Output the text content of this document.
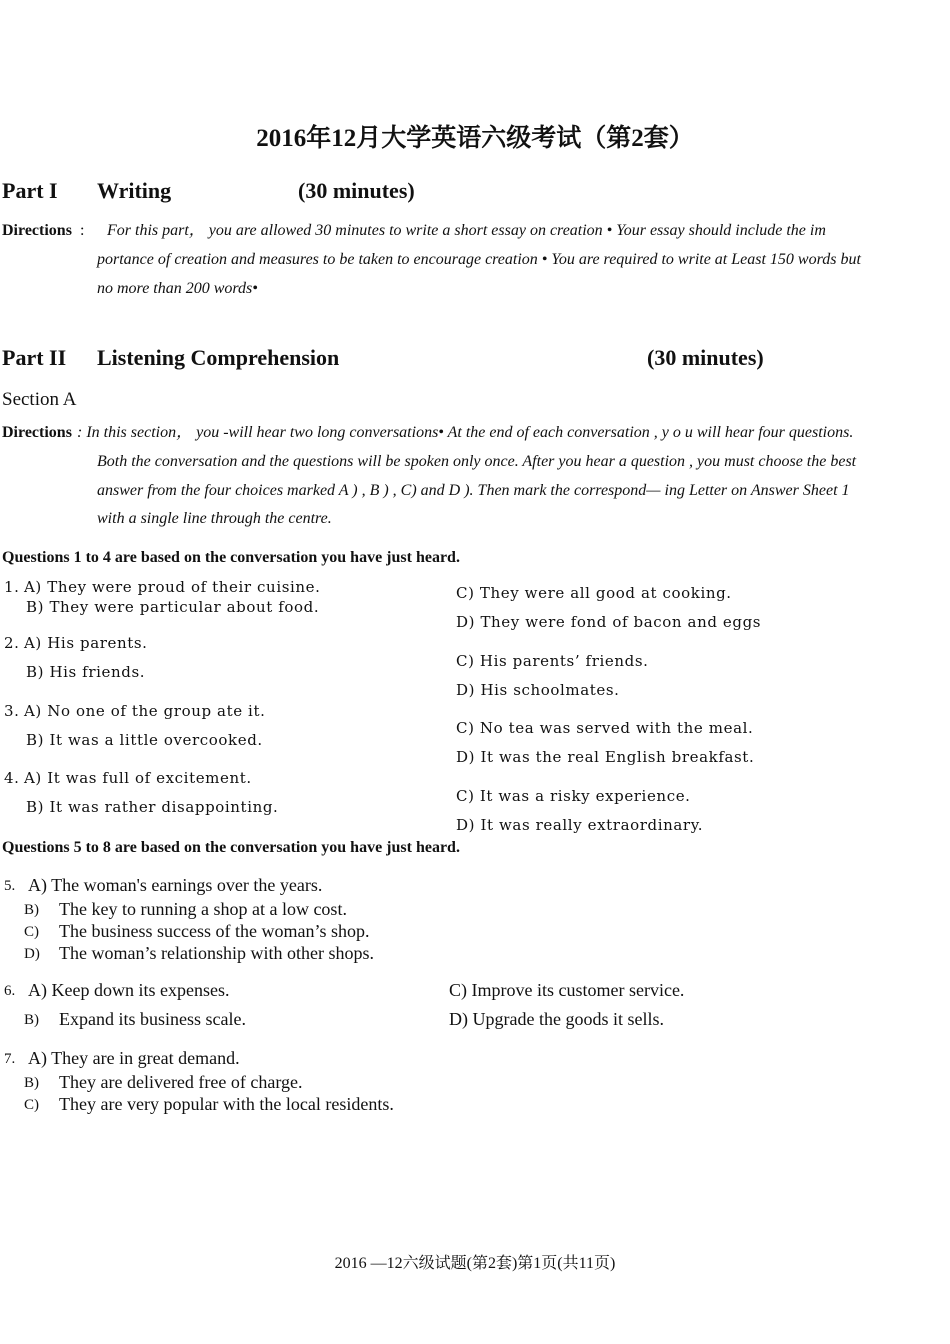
2016年12月大学英语六级考试（第2套）
Part I Writing	(30 minutes)
Directions : For this part， you are allowed 30 minutes to write a short essay on creation • Your essay should include the im
portance of creation and measures to be taken to encourage creation • You are required to write at Least 150 words but
no more than 200 words•
Part II Listening Comprehension	(30 minutes)
Section A
Directions : In this section， you -will hear two long conversations• At the end of each conversation , y o u will hear four questions.
Both the conversation and the questions will be spoken only once. After you hear a question , you must choose the best
answer from the four choices marked A ) , B ) , C) and D ). Then mark the correspond— ing Letter on Answer Sheet 1
with a single line through the centre.
Questions 1 to 4 are based on the conversation you have just heard.
1. A) They were proud of their cuisine.
B) They were particular about food.
C) They were all good at cooking.
D) They were fond of bacon and eggs
2. A) His parents.
B) His friends.
C) His parents’ friends.
D) His schoolmates.
3. A) No one of the group ate it.
B) It was a little overcooked.
C) No tea was served with the meal.
D) It was the real English breakfast.
4. A) It was full of excitement.
B) It was rather disappointing.
C) It was a risky experience.
D) It was really extraordinary.
Questions 5 to 8 are based on the conversation you have just heard.
5. A) The woman's earnings over the years.
B) The key to running a shop at a low cost.
C) The business success of the woman’s shop.
D) The woman’s relationship with other shops.
6. A) Keep down its expenses.
B) Expand its business scale.
C) Improve its customer service.
D) Upgrade the goods it sells.
7. A) They are in great demand.
B) They are delivered free of charge.
C) They are very popular with the local residents.
2016 —12六级试题(第2套)第1页(共11页)
